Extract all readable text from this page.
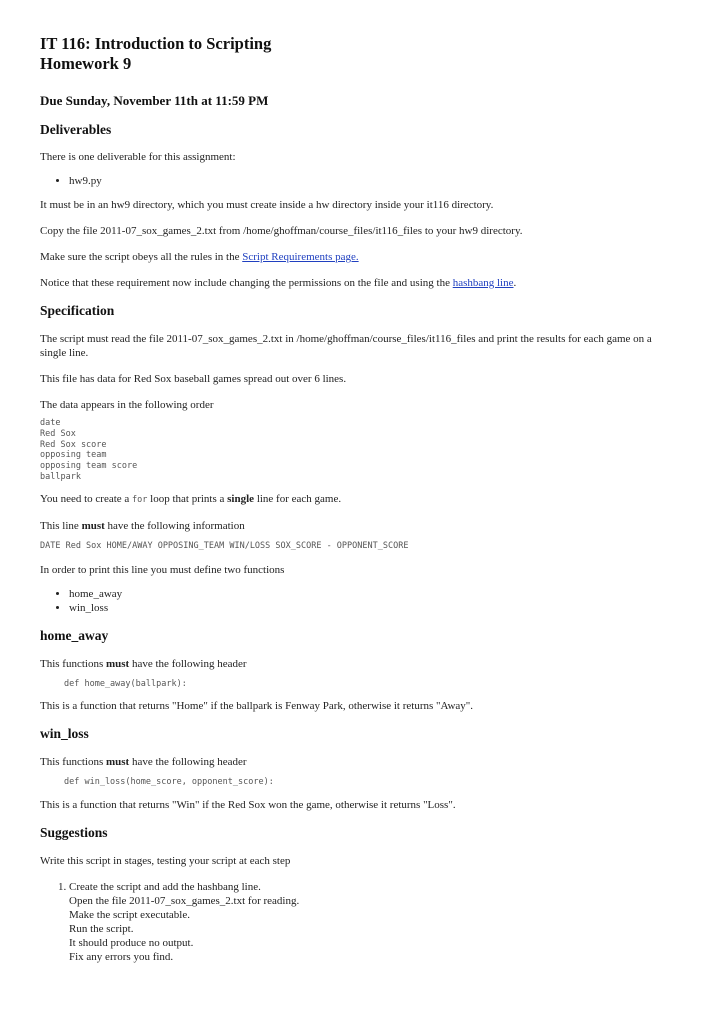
IT 116: Introduction to Scripting
Homework 9
Due Sunday, November 11th at 11:59 PM
Deliverables

There is one deliverable for this assignment:

• hw9.py

It must be in an hw9 directory, which you must create inside a hw directory inside your it116 directory.

Copy the file 2011-07_sox_games_2.txt from /home/ghoffman/course_files/it116_files to your hw9 directory.

Make sure the script obeys all the rules in the Script Requirements page.

Notice that these requirement now include changing the permissions on the file and using the hashbang line.

Specification

The script must read the file 2011-07_sox_games_2.txt in /home/ghoffman/course_files/it116_files and print the results for each game on a single line.

This file has data for Red Sox baseball games spread out over 6 lines.

The data appears in the following order

date
Red Sox
Red Sox score
opposing team
opposing team score
ballpark

You need to create a for loop that prints a single line for each game.

This line must have the following information

DATE Red Sox HOME/AWAY OPPOSING_TEAM WIN/LOSS SOX_SCORE - OPPONENT_SCORE

In order to print this line you must define two functions

• home_away
• win_loss
home_away

This functions must have the following header

def home_away(ballpark):

This is a function that returns "Home" if the ballpark is Fenway Park, otherwise it returns "Away".

win_loss

This functions must have the following header

def win_loss(home_score, opponent_score):

This is a function that returns "Win" if the Red Sox won the game, otherwise it returns "Loss".

Suggestions

Write this script in stages, testing your script at each step

1. Create the script and add the hashbang line.
Open the file 2011-07_sox_games_2.txt for reading.
Make the script executable.
Run the script.
It should produce no output.
Fix any errors you find.
